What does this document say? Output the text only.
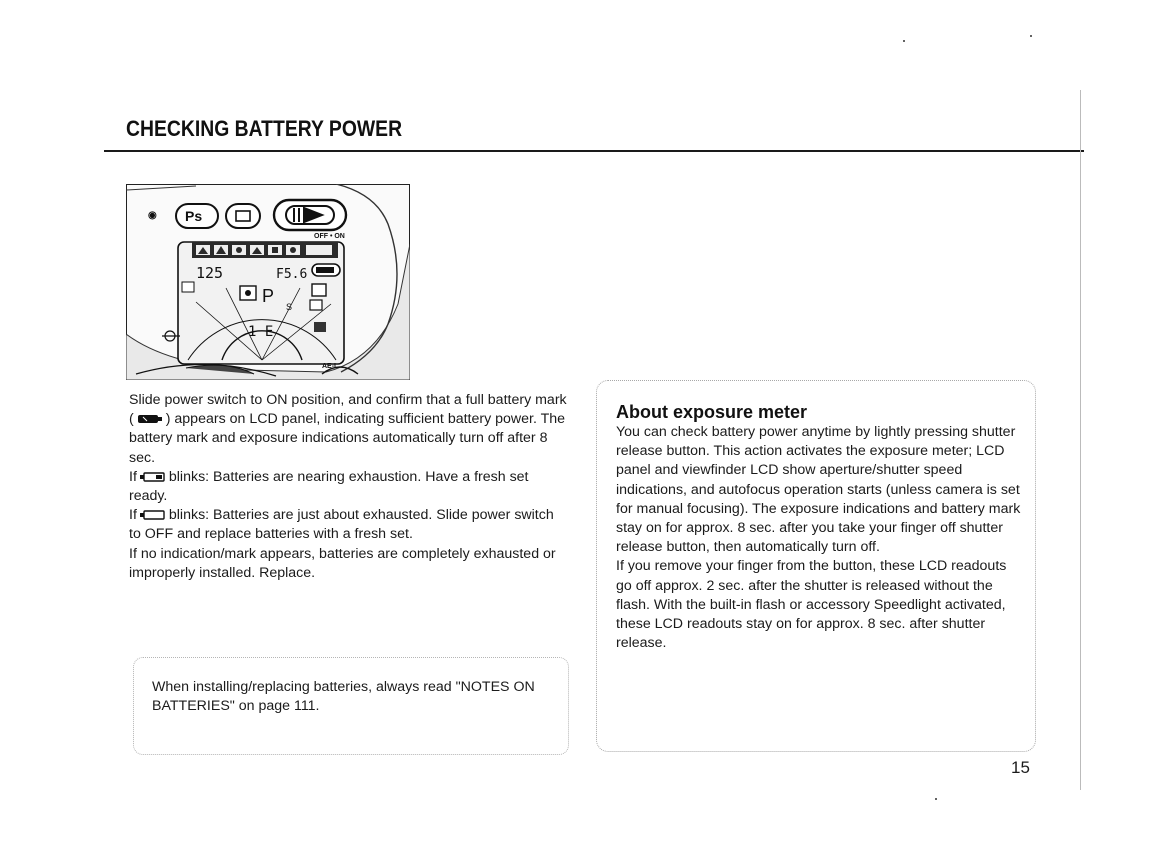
CHECKING BATTERY POWER
◉ Ps
OFF • ON
125	F5.6
P
S
1 E
AE-L

Slide power switch to ON position, and confirm that a full battery mark ( ) appears on LCD panel, indicating sufficient battery power. The battery mark and exposure indications automatically turn off after 8 sec.

If blinks: Batteries are nearing exhaustion. Have a fresh set ready.

If blinks: Batteries are just about exhausted. Slide power switch to OFF and replace batteries with a fresh set.

If no indication/mark appears, batteries are completely exhausted or improperly installed. Replace.

When installing/replacing batteries, always read "NOTES ON BATTERIES" on page 111.
About exposure meter
You can check battery power anytime by lightly pressing shutter release button. This action activates the exposure meter; LCD panel and viewfinder LCD show aperture/shutter speed indications, and autofocus operation starts (unless camera is set for manual focusing). The exposure indications and battery mark stay on for approx. 8 sec. after you take your finger off shutter release button, then automatically turn off.
If you remove your finger from the button, these LCD readouts go off approx. 2 sec. after the shutter is released without the flash. With the built-in flash or accessory Speedlight activated, these LCD readouts stay on for approx. 8 sec. after shutter release.
15
